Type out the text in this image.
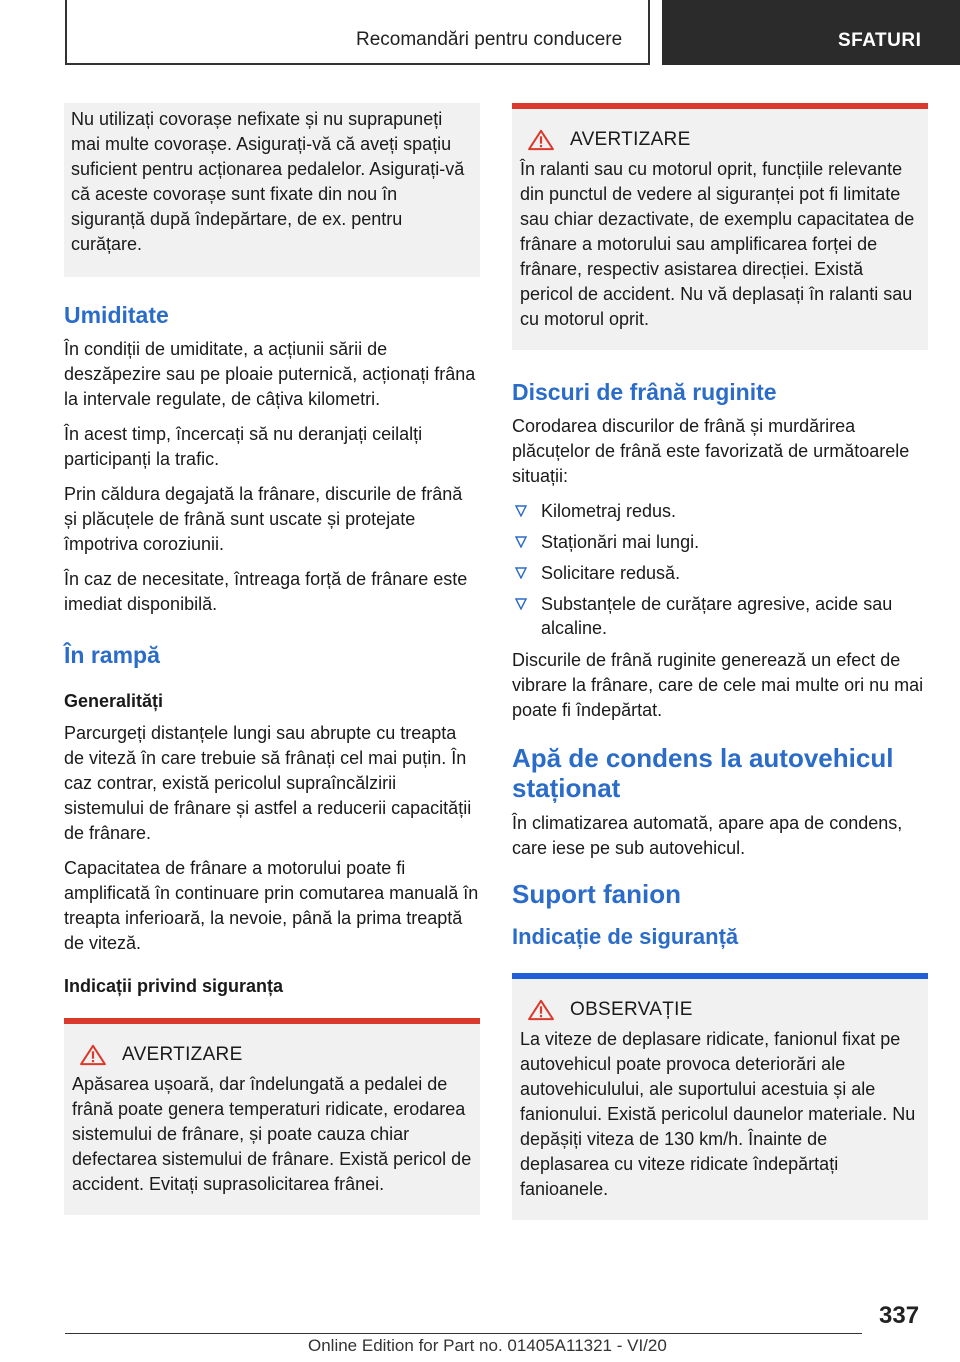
Recomandări pentru conducere	SFATURI

Nu utilizați covorașe nefixate și nu suprapuneți mai multe covorașe. Asigurați-vă că aveți spațiu suficient pentru acționarea pedalelor. Asigurați-vă că aceste covorașe sunt fixate din nou în siguranță după îndepărtare, de ex. pentru curățare.

Umiditate

În condiții de umiditate, a acțiunii sării de deszăpezire sau pe ploaie puternică, acționați frâna la intervale regulate, de câțiva kilometri.

În acest timp, încercați să nu deranjați ceilalți participanți la trafic.

Prin căldura degajată la frânare, discurile de frână și plăcuțele de frână sunt uscate și protejate împotriva coroziunii.

În caz de necesitate, întreaga forță de frânare este imediat disponibilă.

În rampă
Generalități

Parcurgeți distanțele lungi sau abrupte cu treapta de viteză în care trebuie să frânați cel mai puțin. În caz contrar, există pericolul supraîncălzirii sistemului de frânare și astfel a reducerii capacității de frânare.

Capacitatea de frânare a motorului poate fi amplificată în continuare prin comutarea manuală în treapta inferioară, la nevoie, până la prima treaptă de viteză.

Indicații privind siguranța
AVERTIZARE

Apăsarea ușoară, dar îndelungată a pedalei de frână poate genera temperaturi ridicate, erodarea sistemului de frânare, și poate cauza chiar defectarea sistemului de frânare. Există pericol de accident. Evitați suprasolicitarea frânei.

AVERTIZARE

În ralanti sau cu motorul oprit, funcțiile relevante din punctul de vedere al siguranței pot fi limitate sau chiar dezactivate, de exemplu capacitatea de frânare a motorului sau amplificarea forței de frânare, respectiv asistarea direcției. Există pericol de accident. Nu vă deplasați în ralanti sau cu motorul oprit.

Discuri de frână ruginite

Corodarea discurilor de frână și murdărirea plăcuțelor de frână este favorizată de următoarele situații:

Kilometraj redus.
Staționări mai lungi.
Solicitare redusă.
Substanțele de curățare agresive, acide sau alcaline.

Discurile de frână ruginite generează un efect de vibrare la frânare, care de cele mai multe ori nu mai poate fi îndepărtat.

Apă de condens la autovehicul staționat

În climatizarea automată, apare apa de condens, care iese pe sub autovehicul.

Suport fanion
Indicație de siguranță
OBSERVAȚIE

La viteze de deplasare ridicate, fanionul fixat pe autovehicul poate provoca deteriorări ale autovehiculului, ale suportului acestuia și ale fanionului. Există pericolul daunelor materiale. Nu depășiți viteza de 130 km/h. Înainte de deplasarea cu viteze ridicate îndepărtați fanioanele.

337
Online Edition for Part no. 01405A11321 - VI/20
